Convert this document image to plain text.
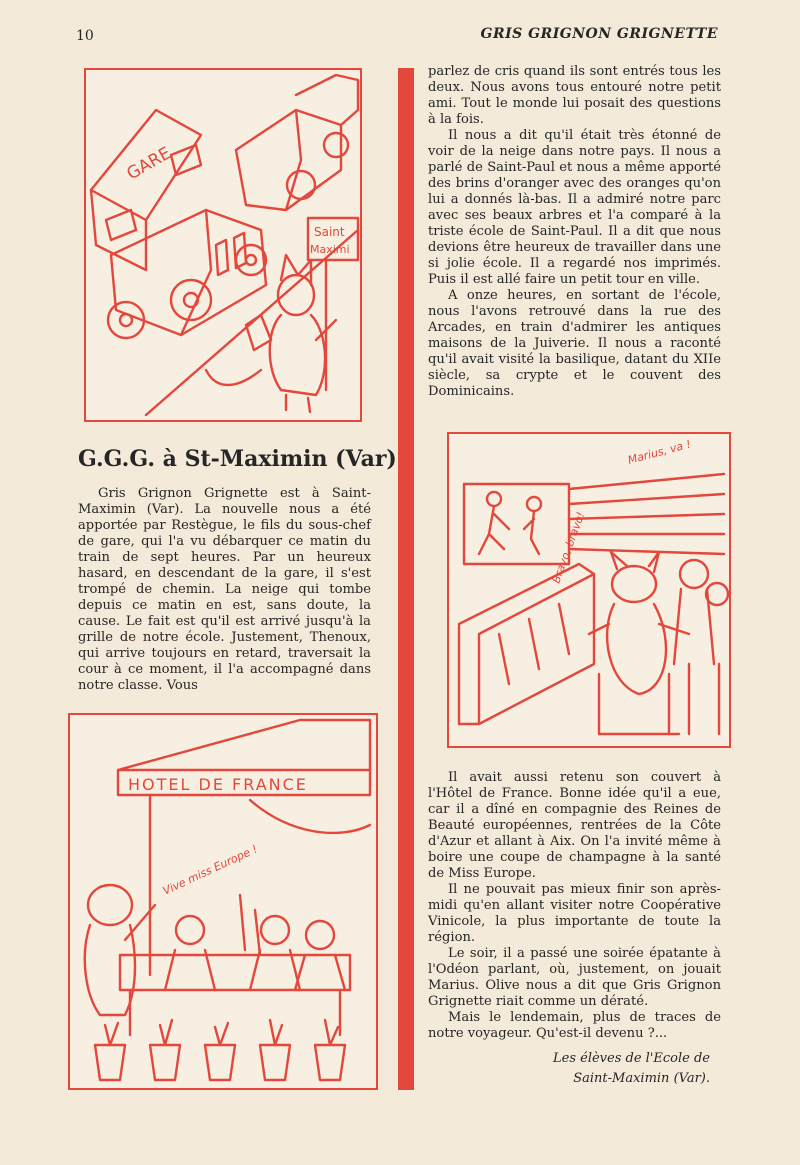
10	GRIS GRIGNON GRIGNETTE
GARE
Saint
Maximi
G.G.G. à St-Maximin (Var)

Gris Grignon Grignette est à Saint-Maximin (Var). La nouvelle nous a été apportée par Restègue, le fils du sous-chef de gare, qui l'a vu débarquer ce matin du train de sept heures. Par un heureux hasard, en descendant de la gare, il s'est trompé de chemin. La neige qui tombe depuis ce matin en est, sans doute, la cause. Le fait est qu'il est arrivé jusqu'à la grille de notre école. Justement, Thenoux, qui arrive toujours en retard, traversait la cour à ce moment, il l'a accompagné dans notre classe. Vous

HOTEL DE FRANCE
Vive miss Europe !

parlez de cris quand ils sont entrés tous les deux. Nous avons tous entouré notre petit ami. Tout le monde lui posait des questions à la fois.

Il nous a dit qu'il était très étonné de voir de la neige dans notre pays. Il nous a parlé de Saint-Paul et nous a même apporté des brins d'oranger avec des oranges qu'on lui a donnés là-bas. Il a admiré notre parc avec ses beaux arbres et l'a comparé à la triste école de Saint-Paul. Il a dit que nous devions être heureux de travailler dans une si jolie école. Il a regardé nos imprimés. Puis il est allé faire un petit tour en ville.

A onze heures, en sortant de l'école, nous l'avons retrouvé dans la rue des Arcades, en train d'admirer les antiques maisons de la Juiverie. Il nous a raconté qu'il avait visité la basilique, datant du XIIe siècle, sa crypte et le couvent des Dominicains.

Marius, va !
Bravo, bravo!

Il avait aussi retenu son couvert à l'Hôtel de France. Bonne idée qu'il a eue, car il a dîné en compagnie des Reines de Beauté européennes, rentrées de la Côte d'Azur et allant à Aix. On l'a invité même à boire une coupe de champagne à la santé de Miss Europe.

Il ne pouvait pas mieux finir son après-midi qu'en allant visiter notre Coopérative Vinicole, la plus importante de toute la région.

Le soir, il a passé une soirée épatante à l'Odéon parlant, où, justement, on jouait Marius. Olive nous a dit que Gris Grignon Grignette riait comme un dératé.

Mais le lendemain, plus de traces de notre voyageur. Qu'est-il devenu ?...

Les élèves de l'Ecole de
Saint-Maximin (Var).
